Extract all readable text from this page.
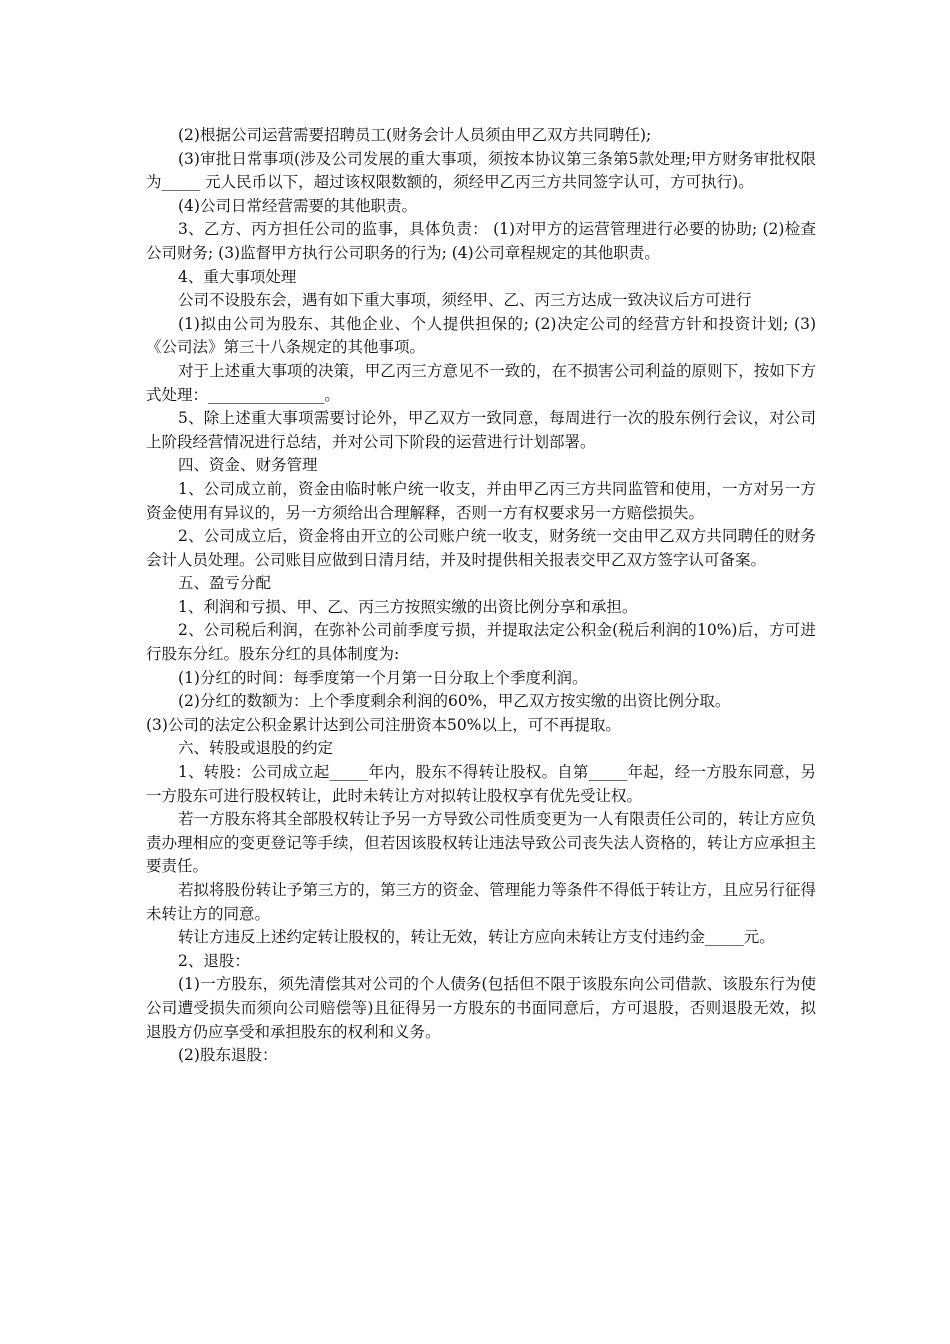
(2)根据公司运营需要招聘员工(财务会计人员须由甲乙双方共同聘任);

(3)审批日常事项(涉及公司发展的重大事项，须按本协议第三条第5款处理;甲方财务审批权限为_____ 元人民币以下，超过该权限数额的，须经甲乙丙三方共同签字认可，方可执行)。

(4)公司日常经营需要的其他职责。

3、乙方、丙方担任公司的监事，具体负责： (1)对甲方的运营管理进行必要的协助; (2)检查公司财务; (3)监督甲方执行公司职务的行为; (4)公司章程规定的其他职责。

4、重大事项处理

公司不设股东会，遇有如下重大事项，须经甲、乙、丙三方达成一致决议后方可进行

(1)拟由公司为股东、其他企业、个人提供担保的; (2)决定公司的经营方针和投资计划; (3)《公司法》第三十八条规定的其他事项。

对于上述重大事项的决策，甲乙丙三方意见不一致的，在不损害公司利益的原则下，按如下方式处理：_______________。

5、除上述重大事项需要讨论外，甲乙双方一致同意，每周进行一次的股东例行会议，对公司上阶段经营情况进行总结，并对公司下阶段的运营进行计划部署。

四、资金、财务管理

1、公司成立前，资金由临时帐户统一收支，并由甲乙丙三方共同监管和使用，一方对另一方资金使用有异议的，另一方须给出合理解释，否则一方有权要求另一方赔偿损失。

2、公司成立后，资金将由开立的公司账户统一收支，财务统一交由甲乙双方共同聘任的财务会计人员处理。公司账目应做到日清月结，并及时提供相关报表交甲乙双方签字认可备案。

五、盈亏分配

1、利润和亏损、甲、乙、丙三方按照实缴的出资比例分享和承担。

2、公司税后利润，在弥补公司前季度亏损，并提取法定公积金(税后利润的10%)后，方可进行股东分红。股东分红的具体制度为:

(1)分红的时间：每季度第一个月第一日分取上个季度利润。

(2)分红的数额为：上个季度剩余利润的60%，甲乙双方按实缴的出资比例分取。

(3)公司的法定公积金累计达到公司注册资本50%以上，可不再提取。

六、转股或退股的约定

1、转股：公司成立起_____年内，股东不得转让股权。自第_____年起，经一方股东同意，另一方股东可进行股权转让，此时未转让方对拟转让股权享有优先受让权。

若一方股东将其全部股权转让予另一方导致公司性质变更为一人有限责任公司的，转让方应负责办理相应的变更登记等手续，但若因该股权转让违法导致公司丧失法人资格的，转让方应承担主要责任。

若拟将股份转让予第三方的，第三方的资金、管理能力等条件不得低于转让方，且应另行征得未转让方的同意。

转让方违反上述约定转让股权的，转让无效，转让方应向未转让方支付违约金_____元。

2、退股：

(1)一方股东，须先清偿其对公司的个人债务(包括但不限于该股东向公司借款、该股东行为使公司遭受损失而须向公司赔偿等)且征得另一方股东的书面同意后，方可退股，否则退股无效，拟退股方仍应享受和承担股东的权利和义务。

(2)股东退股：
